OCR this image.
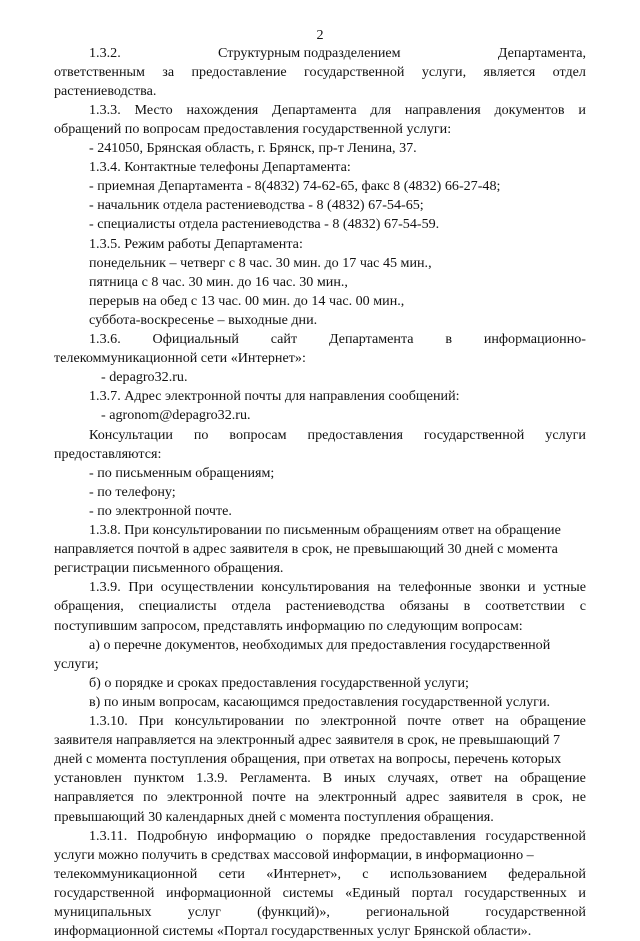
2
1.3.2.	Структурным подразделением	Департамента,
ответственным за предоставление государственной услуги, является отдел
растениеводства.
1.3.3. Место нахождения Департамента для направления документов и
обращений по вопросам предоставления государственной услуги:
- 241050, Брянская область, г. Брянск, пр-т Ленина, 37.
1.3.4. Контактные телефоны Департамента:
- приемная Департамента - 8(4832) 74-62-65, факс 8 (4832) 66-27-48;
- начальник отдела растениеводства - 8 (4832) 67-54-65;
- специалисты отдела растениеводства - 8 (4832) 67-54-59.
1.3.5. Режим работы Департамента:
понедельник – четверг с 8 час. 30 мин. до 17 час 45 мин.,
пятница с 8 час. 30 мин. до 16 час. 30 мин.,
перерыв на обед с 13 час. 00 мин. до 14 час. 00 мин.,
суббота-воскресенье – выходные дни.
1.3.6. Официальный сайт Департамента в информационно-
телекоммуникационной сети «Интернет»:
- depagro32.ru.
1.3.7. Адрес электронной почты для направления сообщений:
- agronom@depagro32.ru.
Консультации по вопросам предоставления государственной услуги
предоставляются:
- по письменным обращениям;
- по телефону;
- по электронной почте.
1.3.8. При консультировании по письменным обращениям ответ на обращение
направляется почтой в адрес заявителя в срок, не превышающий 30 дней с момента
регистрации письменного обращения.
1.3.9. При осуществлении консультирования на телефонные звонки и устные
обращения, специалисты отдела растениеводства обязаны в соответствии с
поступившим запросом, представлять информацию по следующим вопросам:
а) о перечне документов, необходимых для предоставления государственной
услуги;
б) о порядке и сроках предоставления государственной услуги;
в) по иным вопросам, касающимся предоставления государственной услуги.
1.3.10. При консультировании по электронной почте ответ на обращение
заявителя направляется на электронный адрес заявителя в срок, не превышающий 7
дней с момента поступления обращения, при ответах на вопросы, перечень которых
установлен пунктом 1.3.9. Регламента. В иных случаях, ответ на обращение
направляется по электронной почте на электронный адрес заявителя в срок, не
превышающий 30 календарных дней с момента поступления обращения.
1.3.11. Подробную информацию о порядке предоставления государственной
услуги можно получить в средствах массовой информации, в информационно –
телекоммуникационной сети «Интернет», с использованием федеральной
государственной информационной системы «Единый портал государственных и
муниципальных	услуг	(функций)»,	региональной	государственной
информационной системы «Портал государственных услуг Брянской области».
